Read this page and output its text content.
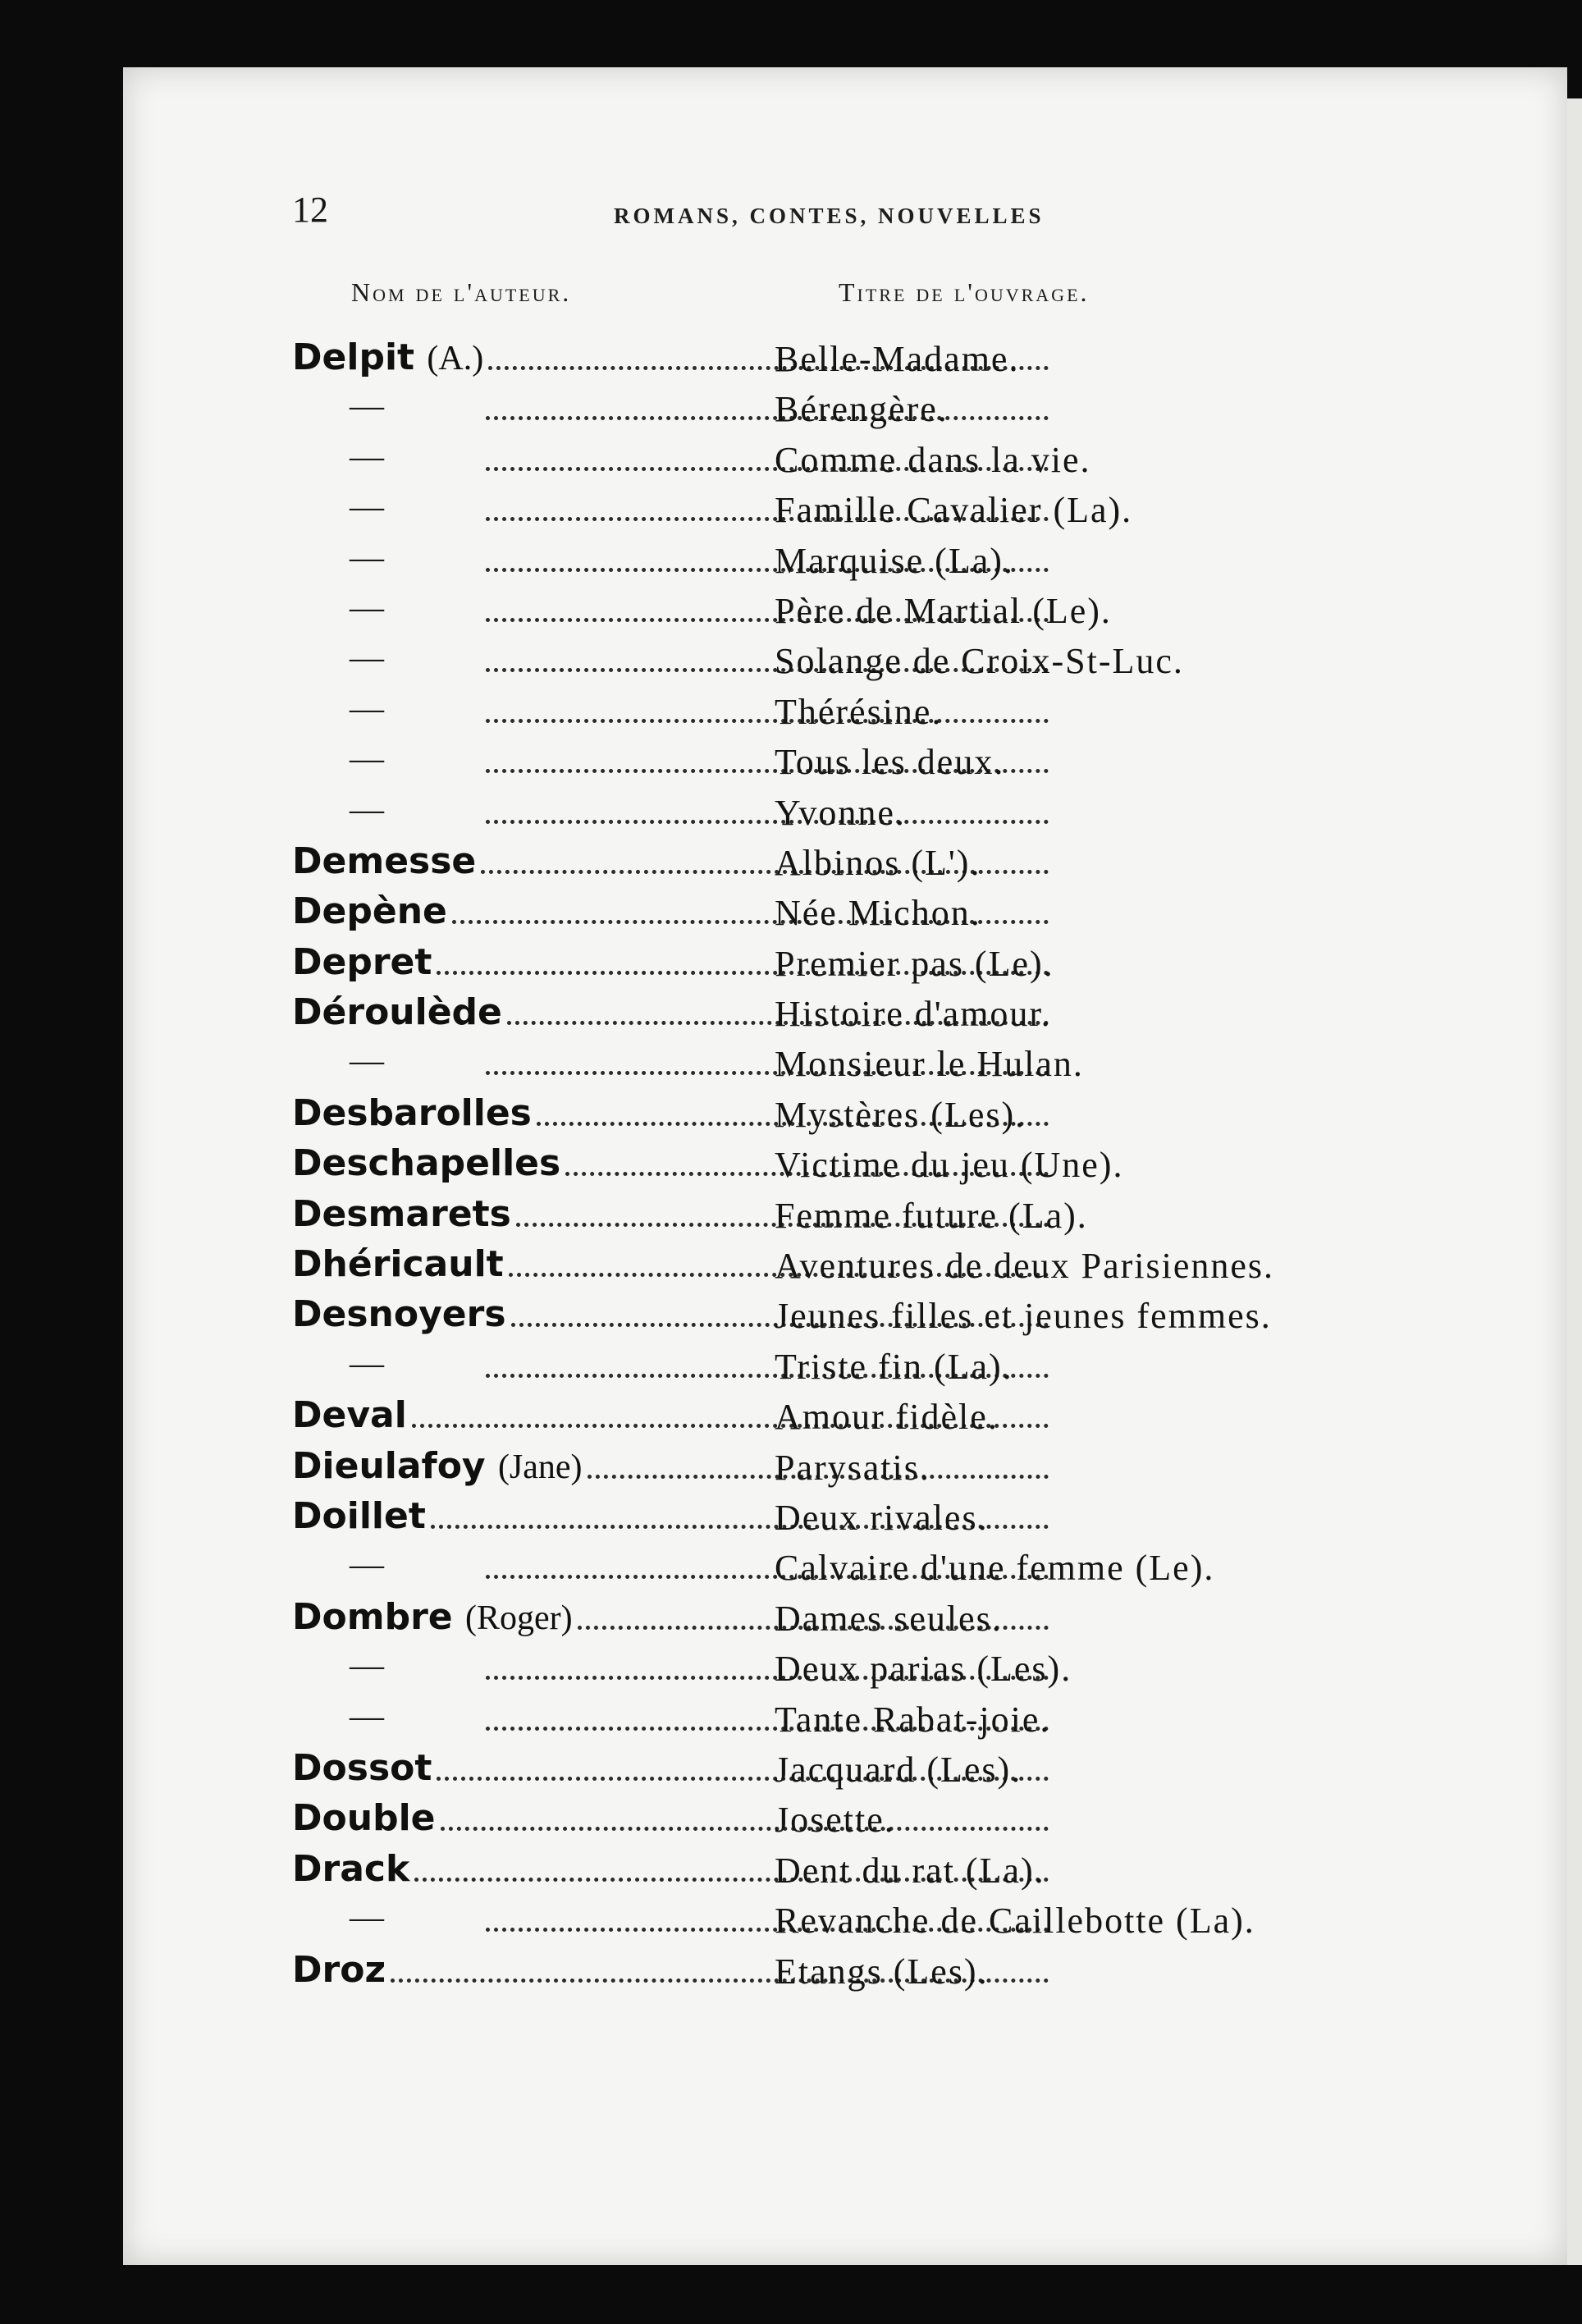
12	ROMANS, CONTES, NOUVELLES
Nom de l'auteur.	Titre de l'ouvrage.
Delpit (A.)	Belle-Madame.
—	Bérengère.
—	Comme dans la vie.
—	Famille Cavalier (La).
—	Marquise (La).
—	Père de Martial (Le).
—	Solange de Croix-St-Luc.
—	Thérésine.
—	Tous les deux.
—	Yvonne.
Demesse	Albinos (L').
Depène	Née Michon.
Depret	Premier pas (Le).
Déroulède	Histoire d'amour.
—	Monsieur le Hulan.
Desbarolles	Mystères (Les).
Deschapelles	Victime du jeu (Une).
Desmarets	Femme future (La).
Dhéricault	Aventures de deux Parisiennes.
Desnoyers	Jeunes filles et jeunes femmes.
—	Triste fin (La).
Deval	Amour fidèle.
Dieulafoy (Jane)	Parysatis.
Doillet	Deux rivales.
—	Calvaire d'une femme (Le).
Dombre (Roger)	Dames seules.
—	Deux parias (Les).
—	Tante Rabat-joie.
Dossot	Jacquard (Les).
Double	Josette.
Drack	Dent du rat (La).
—	Revanche de Caillebotte (La).
Droz	Etangs (Les).
